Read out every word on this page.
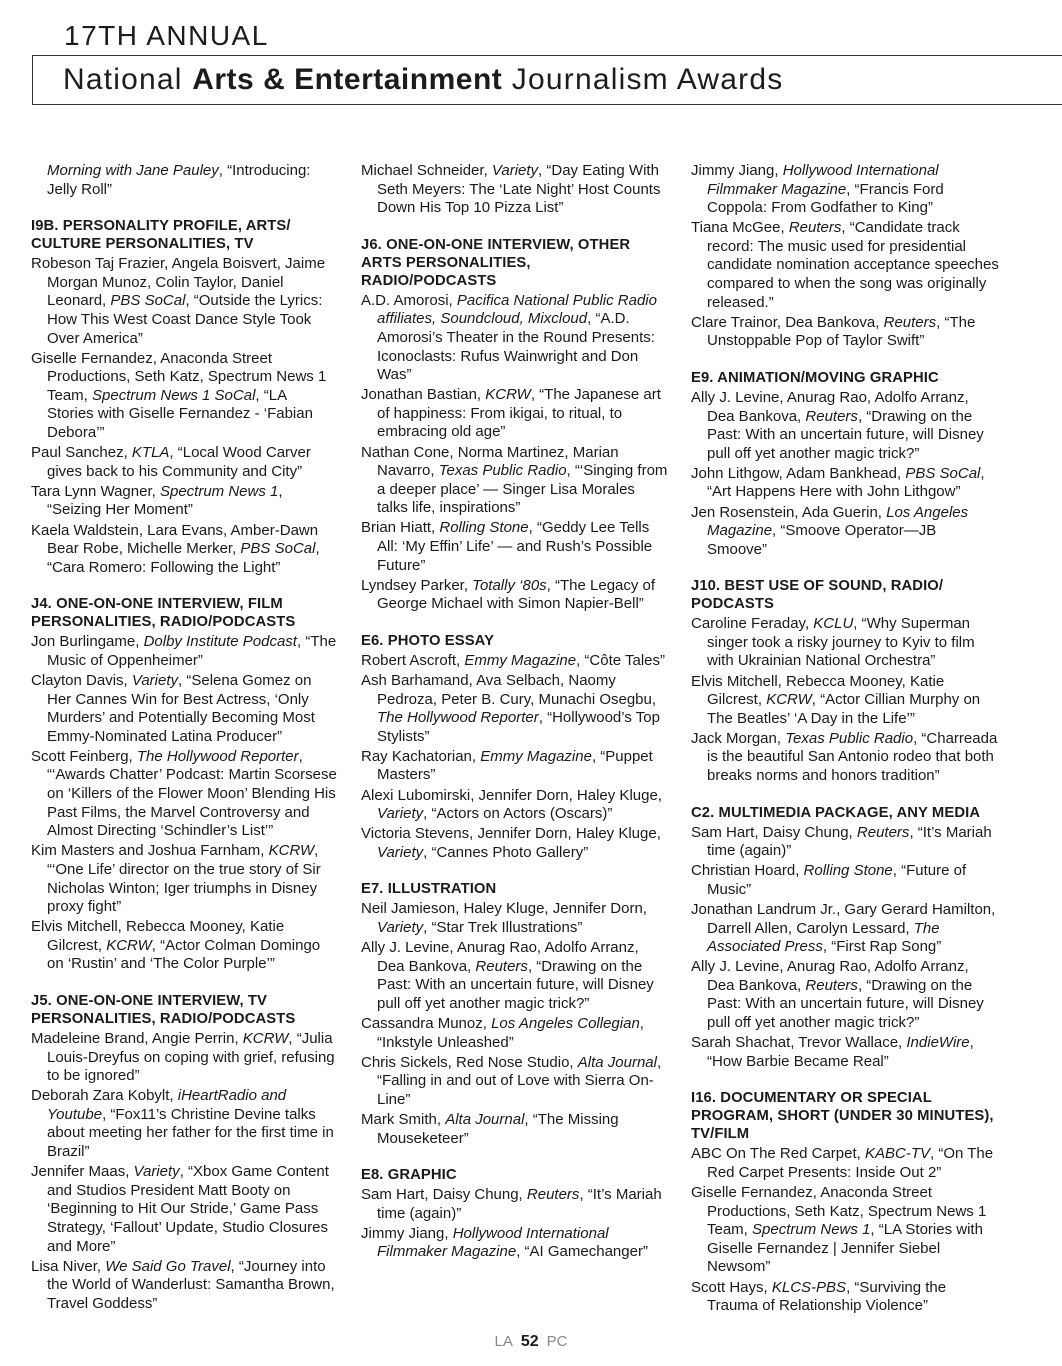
17TH ANNUAL
National Arts & Entertainment Journalism Awards
Morning with Jane Pauley, “Introducing: Jelly Roll”
I9B. PERSONALITY PROFILE, ARTS/ CULTURE PERSONALITIES, TV
Robeson Taj Frazier, Angela Boisvert, Jaime Morgan Munoz, Colin Taylor, Daniel Leonard, PBS SoCal, “Outside the Lyrics: How This West Coast Dance Style Took Over America”
Giselle Fernandez, Anaconda Street Productions, Seth Katz, Spectrum News 1 Team, Spectrum News 1 SoCal, “LA Stories with Giselle Fernandez - ‘Fabian Debora’”
Paul Sanchez, KTLA, “Local Wood Carver gives back to his Community and City”
Tara Lynn Wagner, Spectrum News 1, “Seizing Her Moment”
Kaela Waldstein, Lara Evans, Amber-Dawn Bear Robe, Michelle Merker, PBS SoCal, “Cara Romero: Following the Light”
J4. ONE-ON-ONE INTERVIEW, FILM PERSONALITIES, RADIO/PODCASTS
Jon Burlingame, Dolby Institute Podcast, “The Music of Oppenheimer”
Clayton Davis, Variety, “Selena Gomez on Her Cannes Win for Best Actress, ‘Only Murders’ and Potentially Becoming Most Emmy-Nominated Latina Producer”
Scott Feinberg, The Hollywood Reporter, “‘Awards Chatter’ Podcast: Martin Scorsese on ‘Killers of the Flower Moon’ Blending His Past Films, the Marvel Controversy and Almost Directing ‘Schindler’s List’”
Kim Masters and Joshua Farnham, KCRW, “‘One Life’ director on the true story of Sir Nicholas Winton; Iger triumphs in Disney proxy fight”
Elvis Mitchell, Rebecca Mooney, Katie Gilcrest, KCRW, “Actor Colman Domingo on ‘Rustin’ and ‘The Color Purple’”
J5. ONE-ON-ONE INTERVIEW, TV PERSONALITIES, RADIO/PODCASTS
Madeleine Brand, Angie Perrin, KCRW, “Julia Louis-Dreyfus on coping with grief, refusing to be ignored”
Deborah Zara Kobylt, iHeartRadio and Youtube, “Fox11’s Christine Devine talks about meeting her father for the first time in Brazil”
Jennifer Maas, Variety, “Xbox Game Content and Studios President Matt Booty on ‘Beginning to Hit Our Stride,’ Game Pass Strategy, ‘Fallout’ Update, Studio Closures and More”
Lisa Niver, We Said Go Travel, “Journey into the World of Wanderlust: Samantha Brown, Travel Goddess”
Michael Schneider, Variety, “Day Eating With Seth Meyers: The ‘Late Night’ Host Counts Down His Top 10 Pizza List”
J6. ONE-ON-ONE INTERVIEW, OTHER ARTS PERSONALITIES, RADIO/PODCASTS
A.D. Amorosi, Pacifica National Public Radio affiliates, Soundcloud, Mixcloud, “A.D. Amorosi’s Theater in the Round Presents: Iconoclasts: Rufus Wainwright and Don Was”
Jonathan Bastian, KCRW, “The Japanese art of happiness: From ikigai, to ritual, to embracing old age”
Nathan Cone, Norma Martinez, Marian Navarro, Texas Public Radio, “‘Singing from a deeper place’ — Singer Lisa Morales talks life, inspirations”
Brian Hiatt, Rolling Stone, “Geddy Lee Tells All: ‘My Effin’ Life’ — and Rush’s Possible Future”
Lyndsey Parker, Totally ‘80s, “The Legacy of George Michael with Simon Napier-Bell”
E6. PHOTO ESSAY
Robert Ascroft, Emmy Magazine, “Côte Tales”
Ash Barhamand, Ava Selbach, Naomy Pedroza, Peter B. Cury, Munachi Osegbu, The Hollywood Reporter, “Hollywood’s Top Stylists”
Ray Kachatorian, Emmy Magazine, “Puppet Masters”
Alexi Lubomirski, Jennifer Dorn, Haley Kluge, Variety, “Actors on Actors (Oscars)”
Victoria Stevens, Jennifer Dorn, Haley Kluge, Variety, “Cannes Photo Gallery”
E7. ILLUSTRATION
Neil Jamieson, Haley Kluge, Jennifer Dorn, Variety, “Star Trek Illustrations”
Ally J. Levine, Anurag Rao, Adolfo Arranz, Dea Bankova, Reuters, “Drawing on the Past: With an uncertain future, will Disney pull off yet another magic trick?”
Cassandra Munoz, Los Angeles Collegian, “Inkstyle Unleashed”
Chris Sickels, Red Nose Studio, Alta Journal, “Falling in and out of Love with Sierra On-Line”
Mark Smith, Alta Journal, “The Missing Mouseketeer”
E8. GRAPHIC
Sam Hart, Daisy Chung, Reuters, “It’s Mariah time (again)”
Jimmy Jiang, Hollywood International Filmmaker Magazine, “AI Gamechanger”
Jimmy Jiang, Hollywood International Filmmaker Magazine, “Francis Ford Coppola: From Godfather to King”
Tiana McGee, Reuters, “Candidate track record: The music used for presidential candidate nomination acceptance speeches compared to when the song was originally released.”
Clare Trainor, Dea Bankova, Reuters, “The Unstoppable Pop of Taylor Swift”
E9. ANIMATION/MOVING GRAPHIC
Ally J. Levine, Anurag Rao, Adolfo Arranz, Dea Bankova, Reuters, “Drawing on the Past: With an uncertain future, will Disney pull off yet another magic trick?”
John Lithgow, Adam Bankhead, PBS SoCal, “Art Happens Here with John Lithgow”
Jen Rosenstein, Ada Guerin, Los Angeles Magazine, “Smoove Operator—JB Smoove”
J10. BEST USE OF SOUND, RADIO/ PODCASTS
Caroline Feraday, KCLU, “Why Superman singer took a risky journey to Kyiv to film with Ukrainian National Orchestra”
Elvis Mitchell, Rebecca Mooney, Katie Gilcrest, KCRW, “Actor Cillian Murphy on The Beatles’ ‘A Day in the Life’”
Jack Morgan, Texas Public Radio, “Charreada is the beautiful San Antonio rodeo that both breaks norms and honors tradition”
C2. MULTIMEDIA PACKAGE, ANY MEDIA
Sam Hart, Daisy Chung, Reuters, “It’s Mariah time (again)”
Christian Hoard, Rolling Stone, “Future of Music”
Jonathan Landrum Jr., Gary Gerard Hamilton, Darrell Allen, Carolyn Lessard, The Associated Press, “First Rap Song”
Ally J. Levine, Anurag Rao, Adolfo Arranz, Dea Bankova, Reuters, “Drawing on the Past: With an uncertain future, will Disney pull off yet another magic trick?”
Sarah Shachat, Trevor Wallace, IndieWire, “How Barbie Became Real”
I16. DOCUMENTARY OR SPECIAL PROGRAM, SHORT (UNDER 30 MINUTES), TV/FILM
ABC On The Red Carpet, KABC-TV, “On The Red Carpet Presents: Inside Out 2”
Giselle Fernandez, Anaconda Street Productions, Seth Katz, Spectrum News 1 Team, Spectrum News 1, “LA Stories with Giselle Fernandez | Jennifer Siebel Newsom”
Scott Hays, KLCS-PBS, “Surviving the Trauma of Relationship Violence”
LA 52 PC
